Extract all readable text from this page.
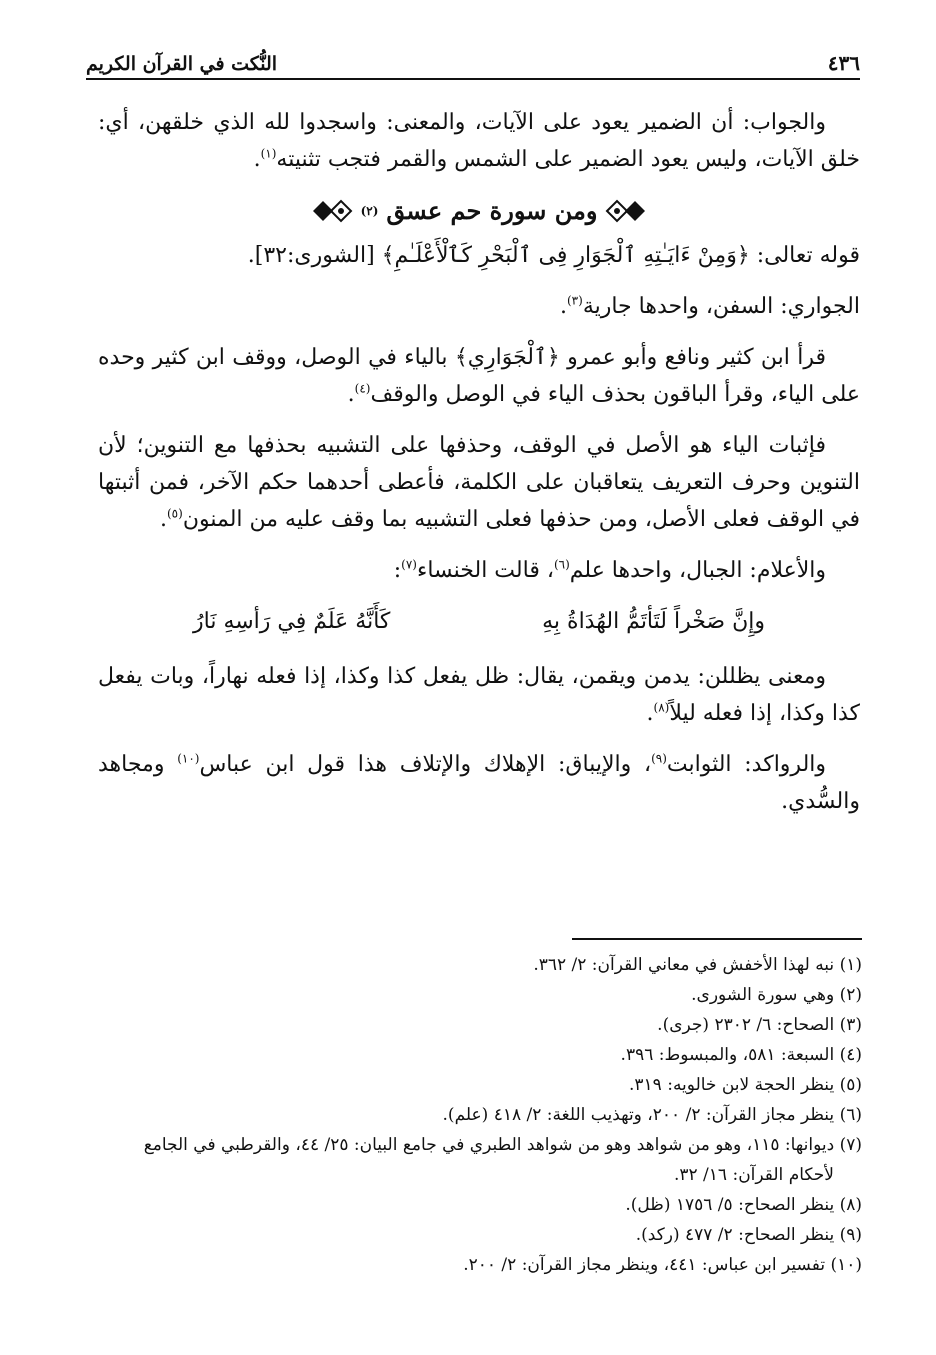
النُّكت في القرآن الكريم	٤٣٦

والجواب: أن الضمير يعود على الآيات، والمعنى: واسجدوا لله الذي خلقهن، أي: خلق الآيات، وليس يعود الضمير على الشمس والقمر فتجب تثنيته$^{(١)}$.

ومن سورة حم عسق
(٢)

قوله تعالى: ﴿وَمِنْ ءَايَـٰتِهِ ٱلْجَوَارِ فِى ٱلْبَحْرِ كَٱلْأَعْلَـٰمِ﴾ [الشورى:٣٢].

الجواري: السفن، واحدها جارية$^{(٣)}$.

قرأ ابن كثير ونافع وأبو عمرو ﴿ٱلْجَوَارِي﴾ بالياء في الوصل، ووقف ابن كثير وحده على الياء، وقرأ الباقون بحذف الياء في الوصل والوقف$^{(٤)}$.

فإثبات الياء هو الأصل في الوقف، وحذفها على التشبيه بحذفها مع التنوين؛ لأن التنوين وحرف التعريف يتعاقبان على الكلمة، فأعطى أحدهما حكم الآخر، فمن أثبتها في الوقف فعلى الأصل، ومن حذفها فعلى التشبيه بما وقف عليه من المنون$^{(٥)}$.

والأعلام: الجبال، واحدها علم$^{(٦)}$، قالت الخنساء$^{(٧)}$:

وإِنَّ صَخْراً لَتَأتَمُّ الهُدَاةُ بِهِ
كَأَنَّهُ عَلَمٌ فِي رَأسِهِ نَارُ

ومعنى يظللن: يدمن ويقمن، يقال: ظل يفعل كذا وكذا، إذا فعله نهاراً، وبات يفعل كذا وكذا، إذا فعله ليلاً$^{(٨)}$.

والرواكد: الثوابت$^{(٩)}$، والإيباق: الإهلاك والإتلاف هذا قول ابن عباس$^{(١٠)}$ ومجاهد والسُّدي.

(١) نبه لهذا الأخفش في معاني القرآن: ٢/ ٣٦٢.

(٢) وهي سورة الشورى.

(٣) الصحاح: ٦/ ٢٣٠٢ (جرى).

(٤) السبعة: ٥٨١، والمبسوط: ٣٩٦.

(٥) ينظر الحجة لابن خالويه: ٣١٩.

(٦) ينظر مجاز القرآن: ٢/ ٢٠٠، وتهذيب اللغة: ٢/ ٤١٨ (علم).

(٧) ديوانها: ١١٥، وهو من شواهد وهو من شواهد الطبري في جامع البيان: ٢٥/ ٤٤، والقرطبي في الجامع لأحكام القرآن: ١٦/ ٣٢.

(٨) ينظر الصحاح: ٥/ ١٧٥٦ (ظل).

(٩) ينظر الصحاح: ٢/ ٤٧٧ (ركد).

(١٠) تفسير ابن عباس: ٤٤١، وينظر مجاز القرآن: ٢/ ٢٠٠.
